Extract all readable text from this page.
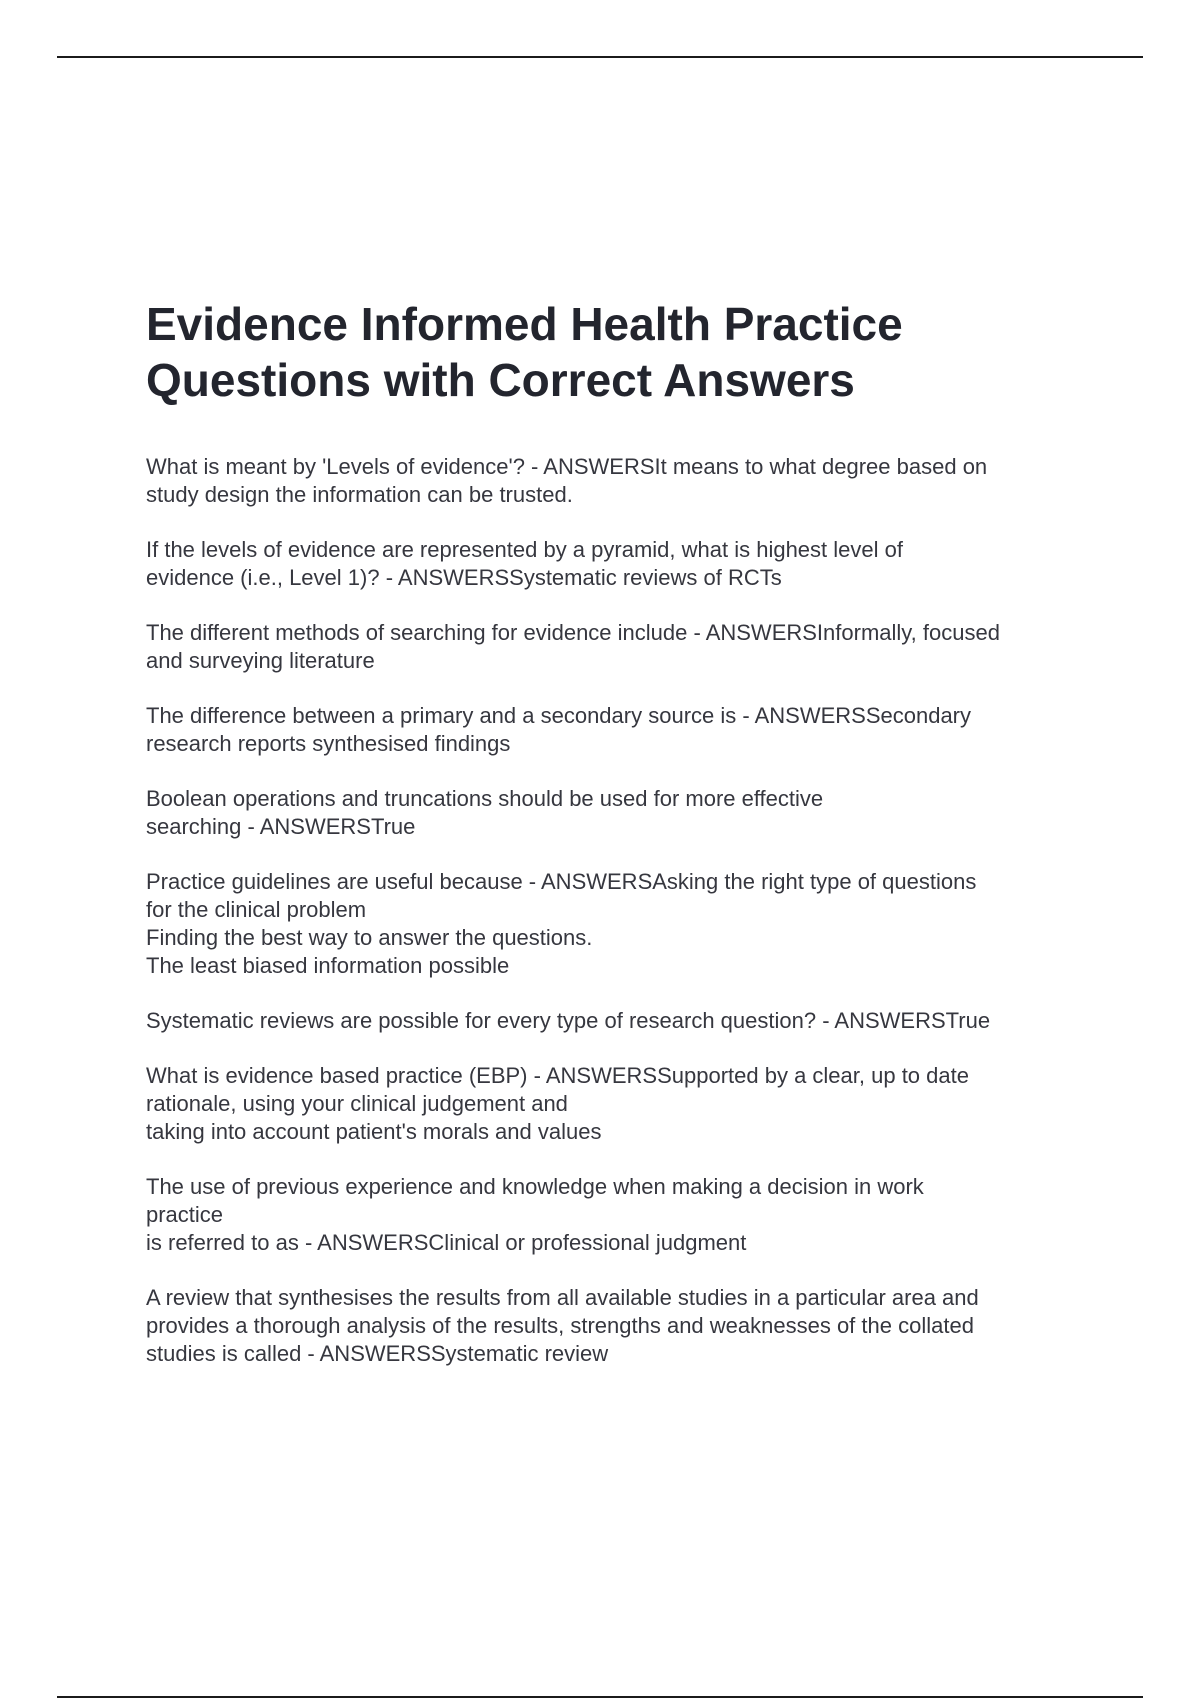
Evidence Informed Health Practice
Questions with Correct Answers
What is meant by 'Levels of evidence'? - ANSWERSIt means to what degree based on
study design the information can be trusted.
If the levels of evidence are represented by a pyramid, what is highest level of
evidence (i.e., Level 1)? - ANSWERSSystematic reviews of RCTs
The different methods of searching for evidence include - ANSWERSInformally, focused
and surveying literature
The difference between a primary and a secondary source is - ANSWERSSecondary
research reports synthesised findings
Boolean operations and truncations should be used for more effective
searching - ANSWERSTrue
Practice guidelines are useful because - ANSWERSAsking the right type of questions
for the clinical problem
Finding the best way to answer the questions.
The least biased information possible
Systematic reviews are possible for every type of research question? - ANSWERSTrue
What is evidence based practice (EBP) - ANSWERSSupported by a clear, up to date
rationale, using your clinical judgement and
taking into account patient's morals and values
The use of previous experience and knowledge when making a decision in work
practice
is referred to as - ANSWERSClinical or professional judgment
A review that synthesises the results from all available studies in a particular area and
provides a thorough analysis of the results, strengths and weaknesses of the collated
studies is called - ANSWERSSystematic review
